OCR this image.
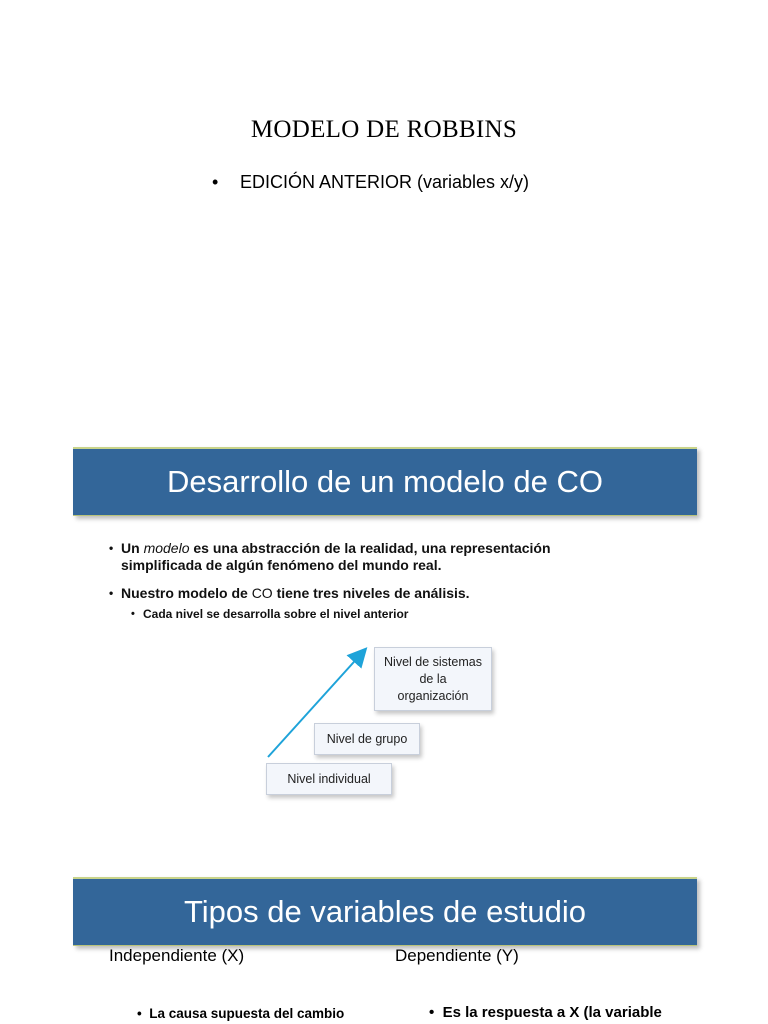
MODELO DE ROBBINS
• EDICIÓN ANTERIOR (variables x/y)
Desarrollo de un modelo de CO
• Un modelo es una abstracción de la realidad, una representación simplificada de algún fenómeno del mundo real.
• Nuestro modelo de CO tiene tres niveles de análisis.
• Cada nivel se desarrolla sobre el nivel anterior
Nivel de sistemas
de la
organización
Nivel de grupo
Nivel individual
Tipos de variables de estudio
Independiente (X)	Dependiente (Y)
•  La causa supuesta del cambio	•  Es la respuesta a X (la variable
